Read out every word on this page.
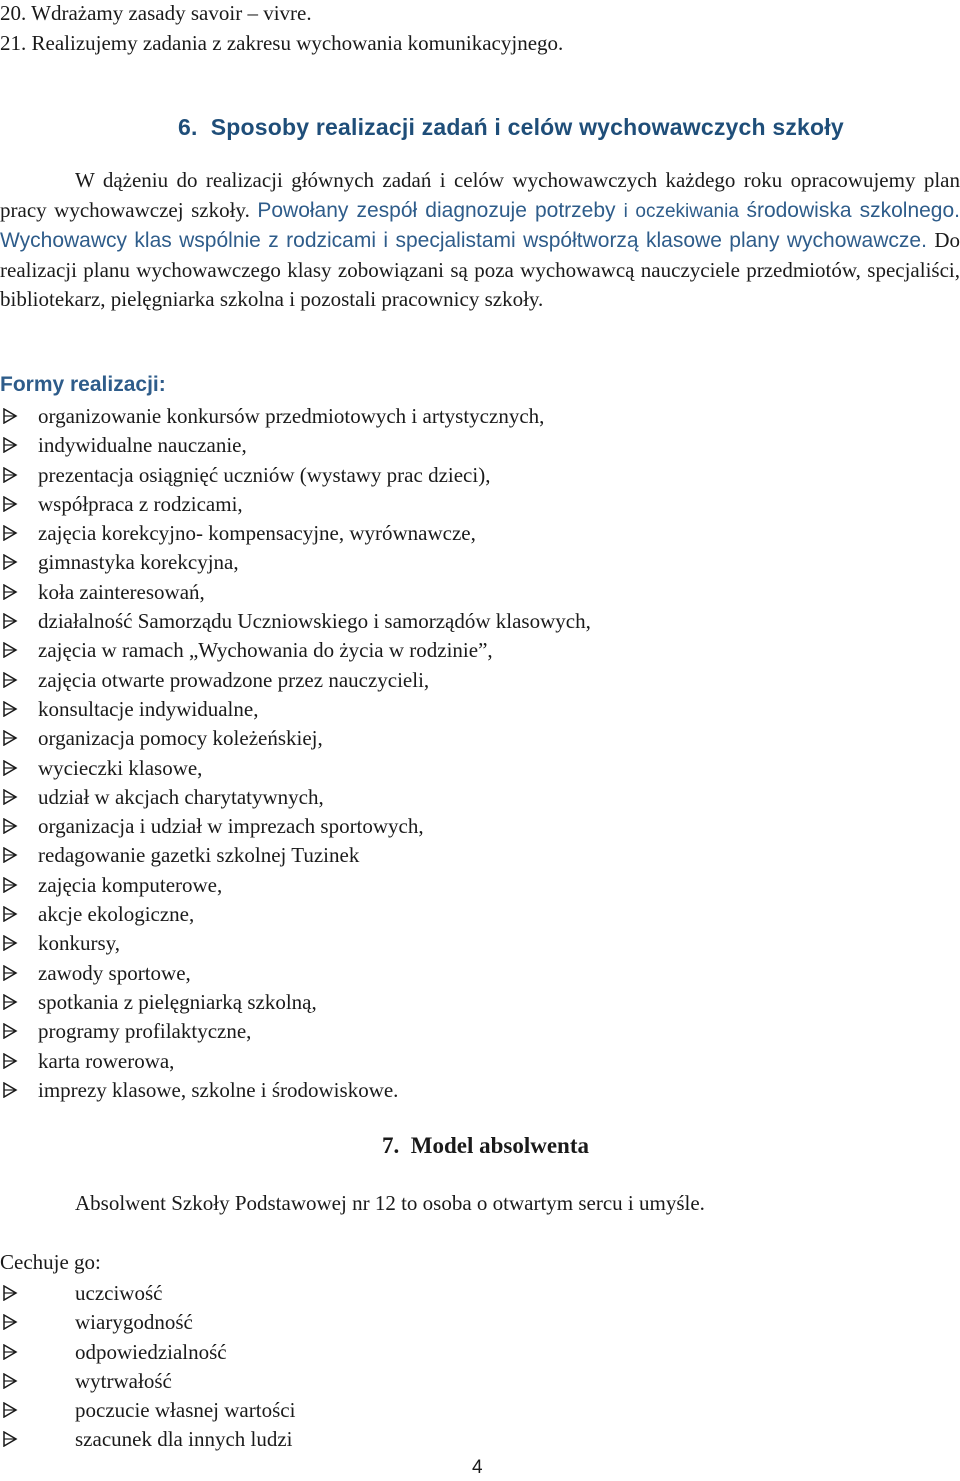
20. Wdrażamy zasady savoir – vivre.
21. Realizujemy zadania z zakresu wychowania komunikacyjnego.
6.  Sposoby realizacji zadań i celów wychowawczych szkoły
W dążeniu do realizacji głównych zadań i celów wychowawczych każdego roku opracowujemy plan pracy wychowawczej szkoły. Powołany zespół diagnozuje potrzeby i oczekiwania środowiska szkolnego. Wychowawcy klas wspólnie z rodzicami i specjalistami współtworzą klasowe plany wychowawcze. Do realizacji planu wychowawczego klasy zobowiązani są poza wychowawcą nauczyciele przedmiotów, specjaliści, bibliotekarz, pielęgniarka szkolna i pozostali pracownicy szkoły.
Formy realizacji:
organizowanie konkursów przedmiotowych i artystycznych,
indywidualne nauczanie,
prezentacja osiągnięć uczniów (wystawy prac dzieci),
współpraca z rodzicami,
zajęcia korekcyjno- kompensacyjne, wyrównawcze,
gimnastyka korekcyjna,
koła zainteresowań,
działalność Samorządu Uczniowskiego i samorządów klasowych,
zajęcia w ramach „Wychowania do życia w rodzinie”,
zajęcia otwarte prowadzone przez nauczycieli,
konsultacje indywidualne,
organizacja pomocy koleżeńskiej,
wycieczki klasowe,
udział w akcjach charytatywnych,
organizacja i udział w imprezach sportowych,
redagowanie gazetki szkolnej Tuzinek
zajęcia komputerowe,
akcje ekologiczne,
konkursy,
zawody sportowe,
spotkania z pielęgniarką szkolną,
programy profilaktyczne,
karta rowerowa,
imprezy klasowe, szkolne i środowiskowe.
7.  Model absolwenta
Absolwent Szkoły Podstawowej nr 12 to osoba o otwartym sercu i umyśle.
Cechuje go:
uczciwość
wiarygodność
odpowiedzialność
wytrwałość
poczucie własnej wartości
szacunek dla innych ludzi
4
